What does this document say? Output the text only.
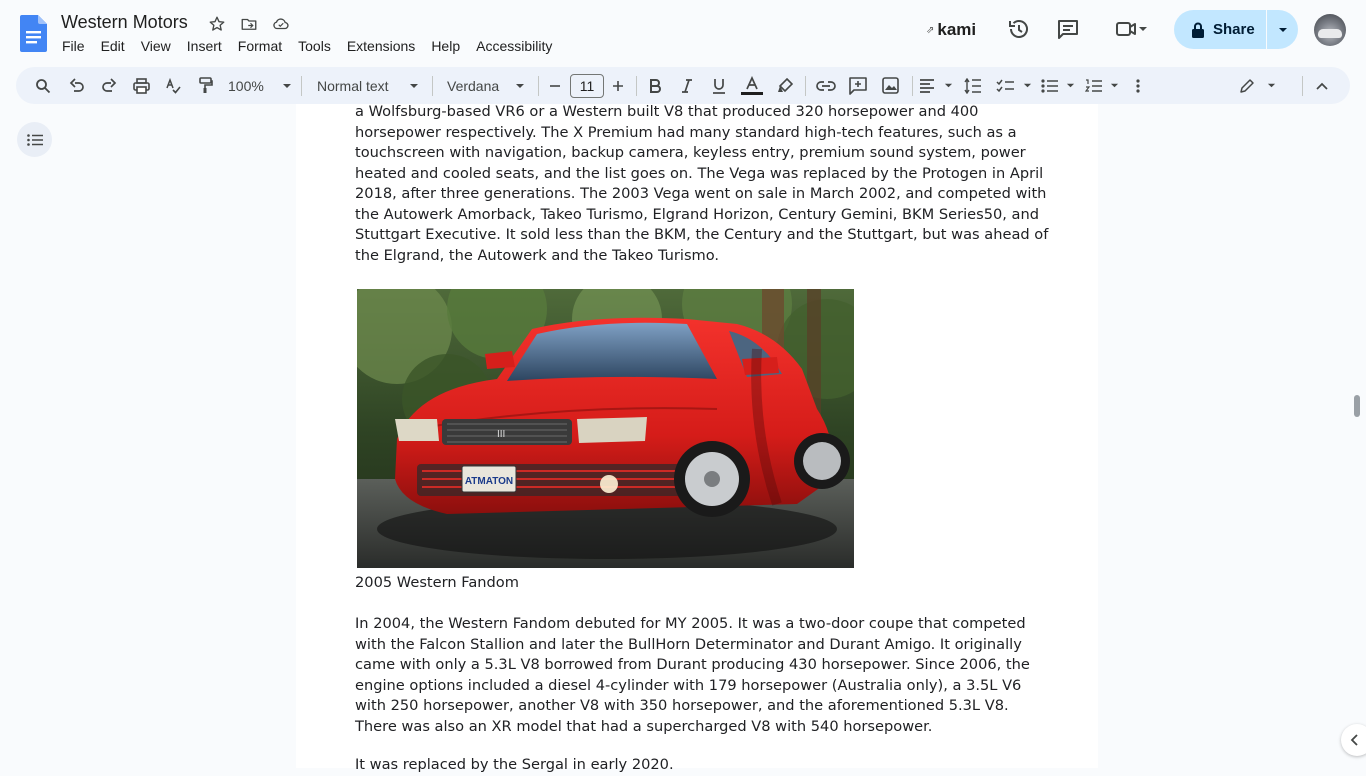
Western Motors
File	Edit	View	Insert	Format	Tools	Extensions	Help	Accessibility
⇗ kami	Share
100%	Normal text	Verdana	11
a Wolfsburg-based VR6 or a Western built V8 that produced 320 horsepower and 400 horsepower respectively. The X Premium had many standard high-tech features, such as a touchscreen with navigation, backup camera, keyless entry, premium sound system, power heated and cooled seats, and the list goes on. The Vega was replaced by the Protogen in April 2018, after three generations. The 2003 Vega went on sale in March 2002, and competed with the Autowerk Amorback, Takeo Turismo, Elgrand Horizon, Century Gemini, BKM Series50, and Stuttgart Executive. It sold less than the BKM, the Century and the Stuttgart, but was ahead of the Elgrand, the Autowerk and the Takeo Turismo.
III
ATMATON
2005 Western Fandom
In 2004, the Western Fandom debuted for MY 2005. It was a two-door coupe that competed with the Falcon Stallion and later the BullHorn Determinator and Durant Amigo. It originally came with only a 5.3L V8 borrowed from Durant producing 430 horsepower. Since 2006, the engine options included a diesel 4-cylinder with 179 horsepower (Australia only), a 3.5L V6 with 250 horsepower, another V8 with 350 horsepower, and the aforementioned 5.3L V8. There was also an XR model that had a supercharged V8 with 540 horsepower.
It was replaced by the Sergal in early 2020.
